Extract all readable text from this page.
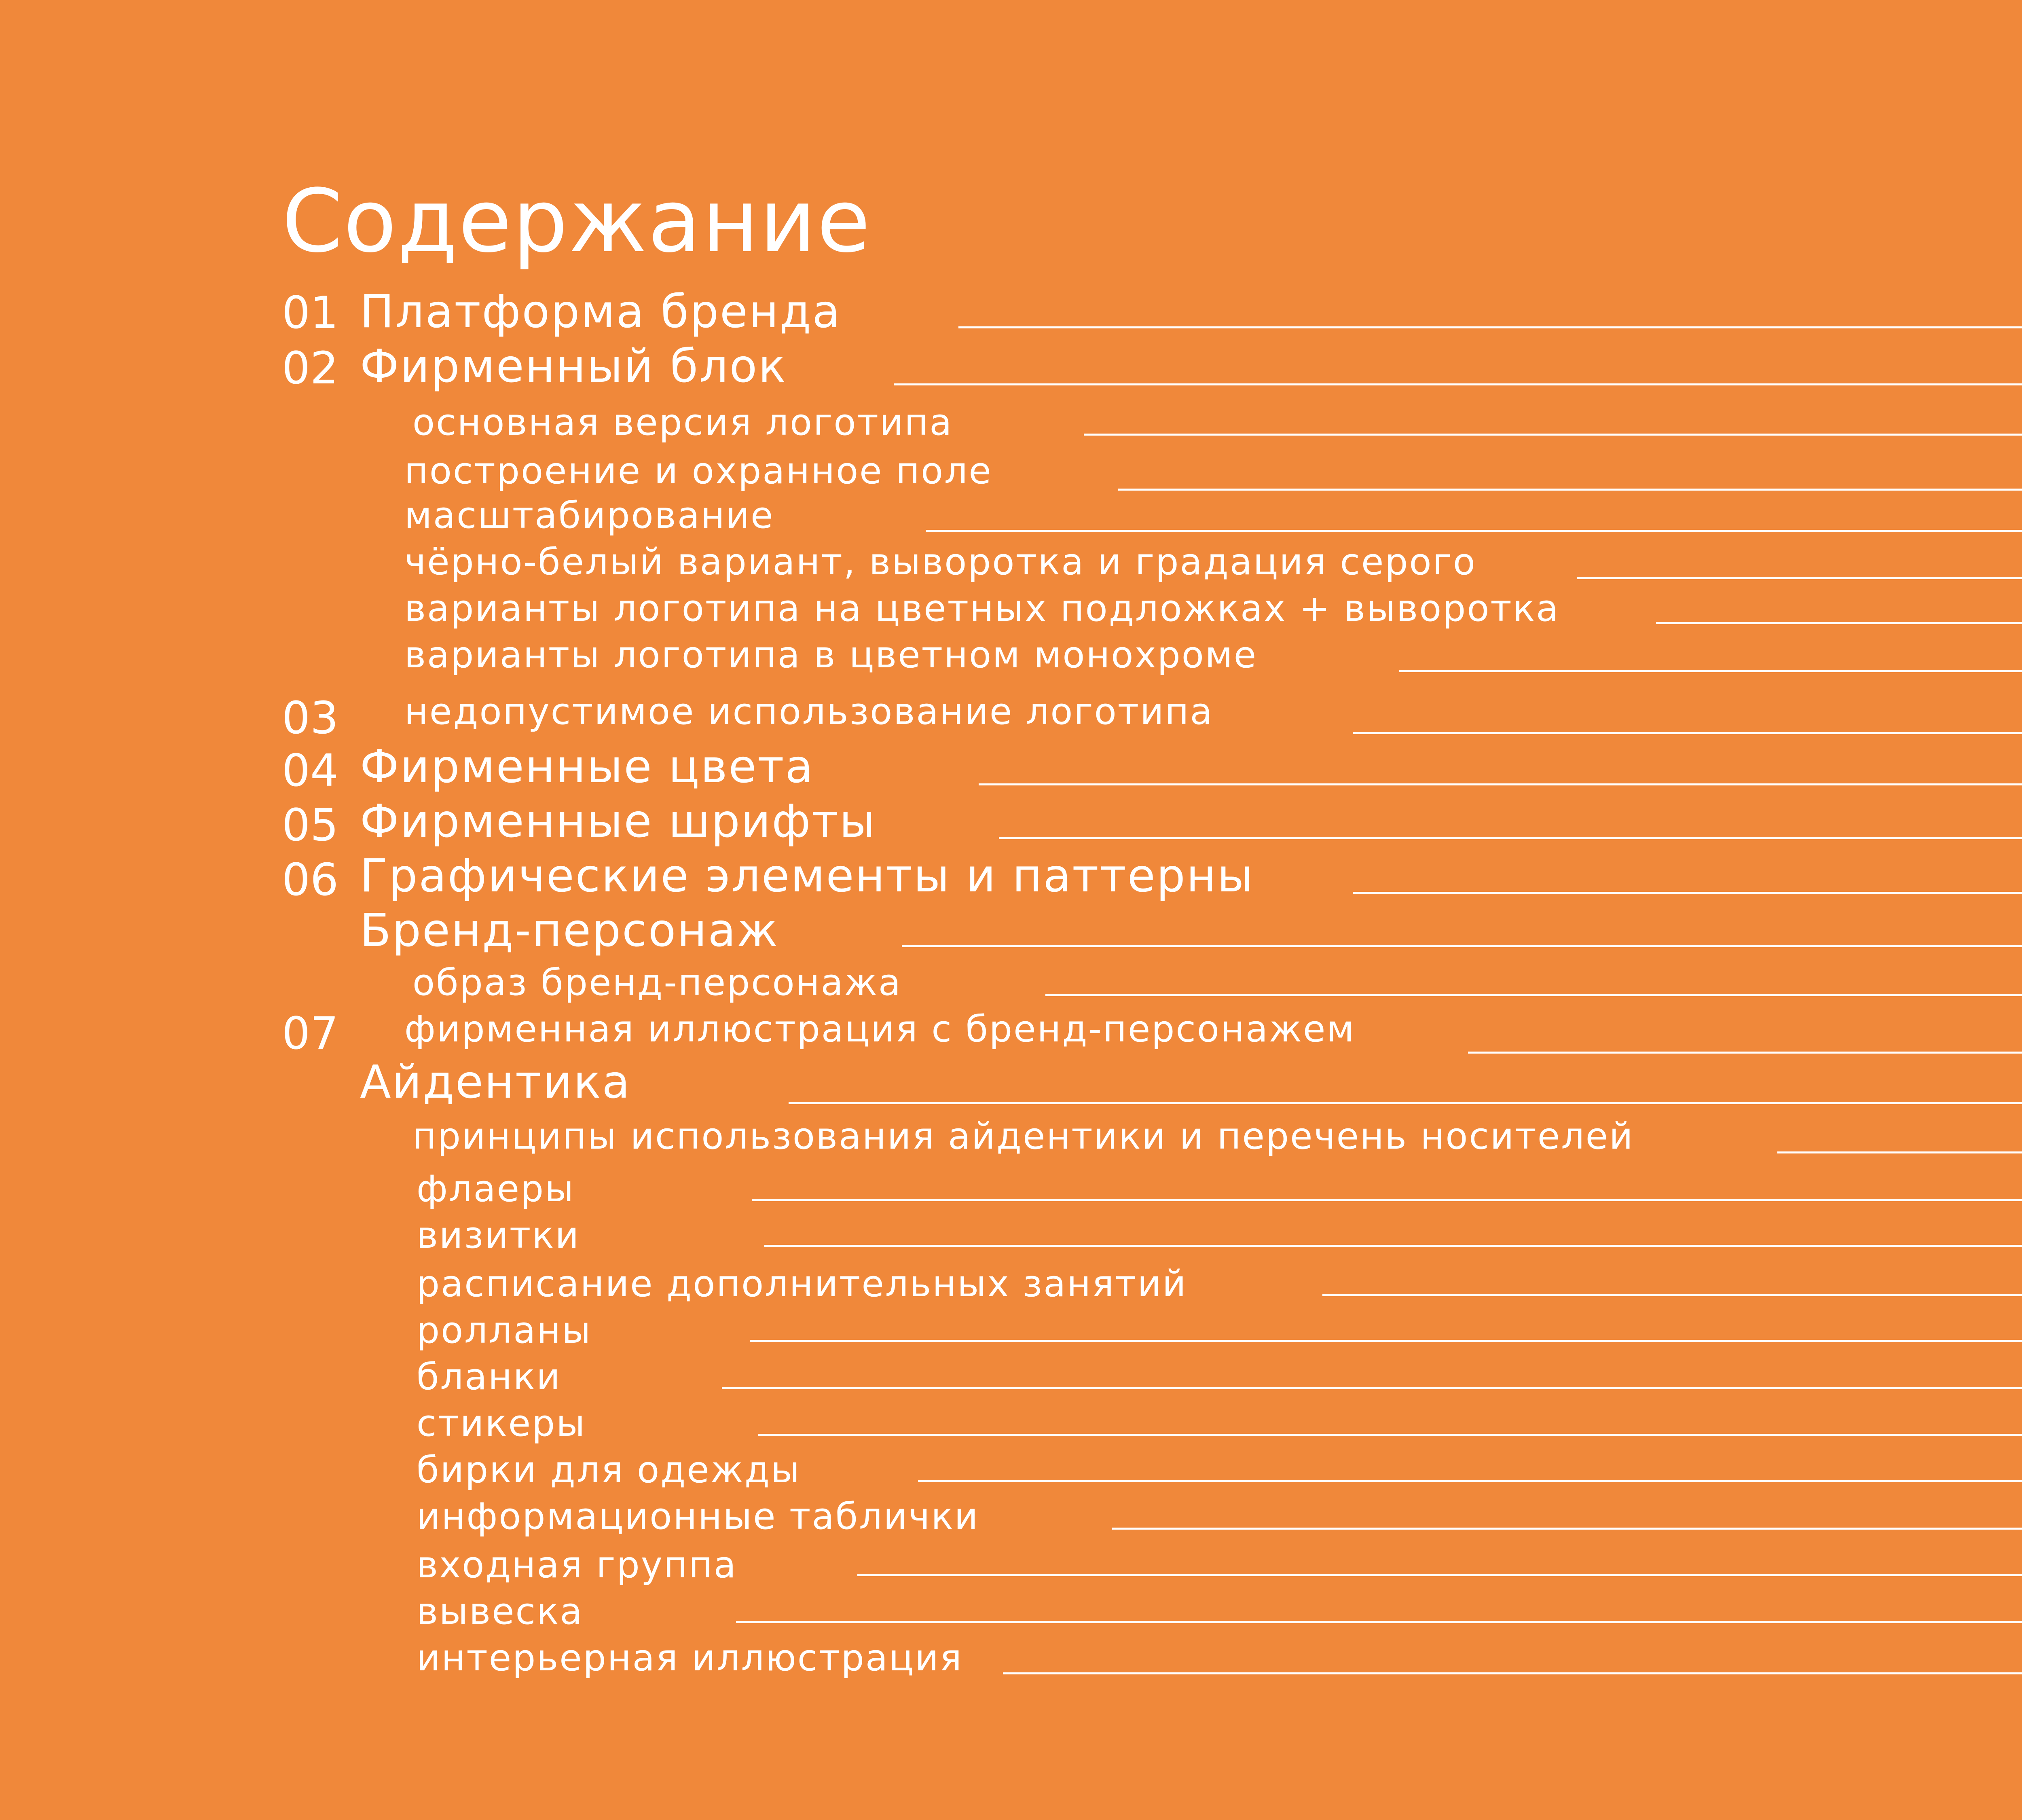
Содержание
01
02
03
04
05
06
07
Платформа бренда
Фирменный блок
основная версия логотипа
построение и охранное поле
масштабирование
чёрно-белый вариант, выворотка и градация серого
варианты логотипа на цветных подложках + выворотка
варианты логотипа в цветном монохроме
недопустимое использование логотипа
Фирменные цвета
Фирменные шрифты
Графические элементы и паттерны
Бренд-персонаж
образ бренд-персонажа
фирменная иллюстрация с бренд-персонажем
Айдентика
принципы использования айдентики и перечень носителей
флаеры
визитки
расписание дополнительных занятий
ролланы
бланки
стикеры
бирки для одежды
информационные таблички
входная группа
вывеска
интерьерная иллюстрация
